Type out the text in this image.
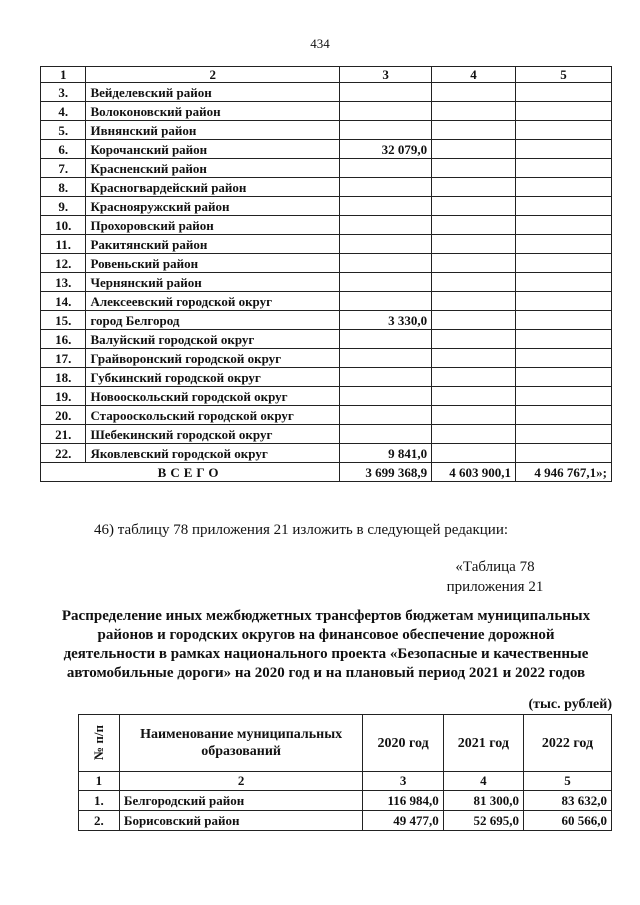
434
1	2	3	4	5
3.	Вейделевский район			
4.	Волоконовский район			
5.	Ивнянский район			
6.	Корочанский район	32 079,0		
7.	Красненский район			
8.	Красногвардейский район			
9.	Краснояружский район			
10.	Прохоровский район			
11.	Ракитянский район			
12.	Ровеньский район			
13.	Чернянский район			
14.	Алексеевский городской округ			
15.	город Белгород	3 330,0		
16.	Валуйский городской округ			
17.	Грайворонский городской округ			
18.	Губкинский городской округ			
19.	Новооскольский городской округ			
20.	Старооскольский городской округ			
21.	Шебекинский городской округ			
22.	Яковлевский городской округ	9 841,0		
ВСЕГО		3 699 368,9	4 603 900,1	4 946 767,1»;
46) таблицу 78 приложения 21 изложить в следующей редакции:
«Таблица 78
приложения 21
Распределение иных межбюджетных трансфертов бюджетам муниципальных
районов и городских округов на финансовое обеспечение дорожной
деятельности в рамках национального проекта «Безопасные и качественные
автомобильные дороги» на 2020 год и на плановый период 2021 и 2022 годов
(тыс. рублей)
№ п/п	Наименование муниципальных образований	2020 год	2021 год	2022 год
1	2	3	4	5
1.	Белгородский район	116 984,0	81 300,0	83 632,0
2.	Борисовский район	49 477,0	52 695,0	60 566,0
